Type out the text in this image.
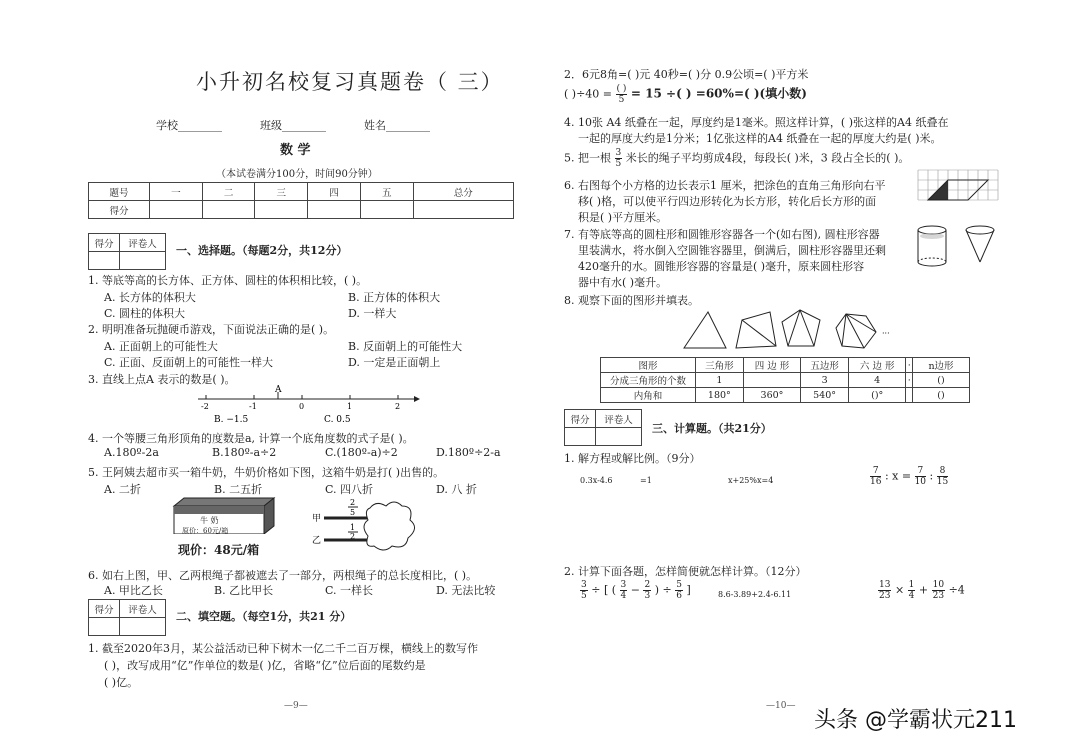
小升初名校复习真题卷（ 三）
学校________	班级________	姓名________
数 学
（本试卷满分100分，时间90分钟）
题号	一	二	三	四	五	总分
得分						
得分	评卷人
	一、选择题。（每题2分，共12分）
1. 等底等高的长方体、正方体、圆柱的体积相比较，( )。
A. 长方体的体积大	B. 正方体的体积大
C. 圆柱的体积大	D. 一样大
2. 明明准备玩抛硬币游戏，下面说法正确的是( )。
A. 正面朝上的可能性大	B. 反面朝上的可能性大
C. 正面、反面朝上的可能性一样大	D. 一定是正面朝上
3. 直线上点A 表示的数是( )。
A
-2	-1	0	1	2
B. −1.5	C. 0.5
4. 一个等腰三角形顶角的度数是a, 计算一个底角度数的式子是( )。
A.180º-2a	B.180º-a÷2	C.(180º-a)÷2	D.180º÷2-a
5. 王阿姨去超市买一箱牛奶，牛奶价格如下图，这箱牛奶是打( )出售的。
A. 二折	B. 二五折	C. 四八折	D. 八 折
牛 奶
原价：60元/箱
现价：48元/箱
甲
乙
2
5
1
2
6. 如右上图，甲、乙两根绳子都被遮去了一部分，两根绳子的总长度相比，( )。
A. 甲比乙长	B. 乙比甲长	C. 一样长	D. 无法比较
得分	评卷人
	二、填空题。（每空1分，共21 分）
1. 截至2020年3月，某公益活动已种下树木一亿二千二百万棵，横线上的数写作
( )，改写成用“亿”作单位的数是( )亿，省略“亿”位后面的尾数约是
( )亿。
—9—
2．6元8角=( )元 40秒=( )分 0.9公顷=( )平方米
( )$\div 40 = \frac{( )}{5} = 15$ ÷( ) =60%=( )(填小数)
4. 10张 A4 纸叠在一起，厚度约是1毫米。照这样计算，( )张这样的A4 纸叠在
一起的厚度大约是1分米；1亿张这样的A4 纸叠在一起的厚度大约是( )米。
5. 把一根 $\frac{3}{5}$ 米长的绳子平均剪成4段，每段长( )米，3 段占全长的( )。
6. 右图每个小方格的边长表示1 厘米，把涂色的直角三角形向右平
移( )格，可以使平行四边形转化为长方形，转化后长方形的面
积是( )平方厘米。
7. 有等底等高的圆柱形和圆锥形容器各一个(如右图), 圆柱形容器
里装满水，将水倒入空圆锥容器里，倒满后，圆柱形容器里还剩
420毫升的水。圆锥形容器的容量是( )毫升，原来圆柱形容
器中有水( )毫升。
8. 观察下面的图形并填表。
···
图形	三角形	四 边 形	五边形	六 边 形	·	n边形
分成三角形的个数	1		3	4	·	()
内角和	180°	360°	540°	()°		()
得分	评卷人

三、计算题。（共21分）
1. 解方程或解比例。（9分）
0.3x-4.6	=1	x+25%x=4	$\frac{7}{16}$ : $x = \frac{7}{10}$ : $\frac{8}{15}$
2. 计算下面各题，怎样简便就怎样计算。（12分）
$\frac{3}{5}$ ÷ [ ( $\frac{3}{4} - \frac{2}{3}$ ) ÷ $\frac{5}{6}$ ]	8.6-3.89+2.4-6.11	$\frac{13}{23} \times \frac{1}{4} + \frac{10}{23} \div 4$
—10—
头条 @学霸状元211
